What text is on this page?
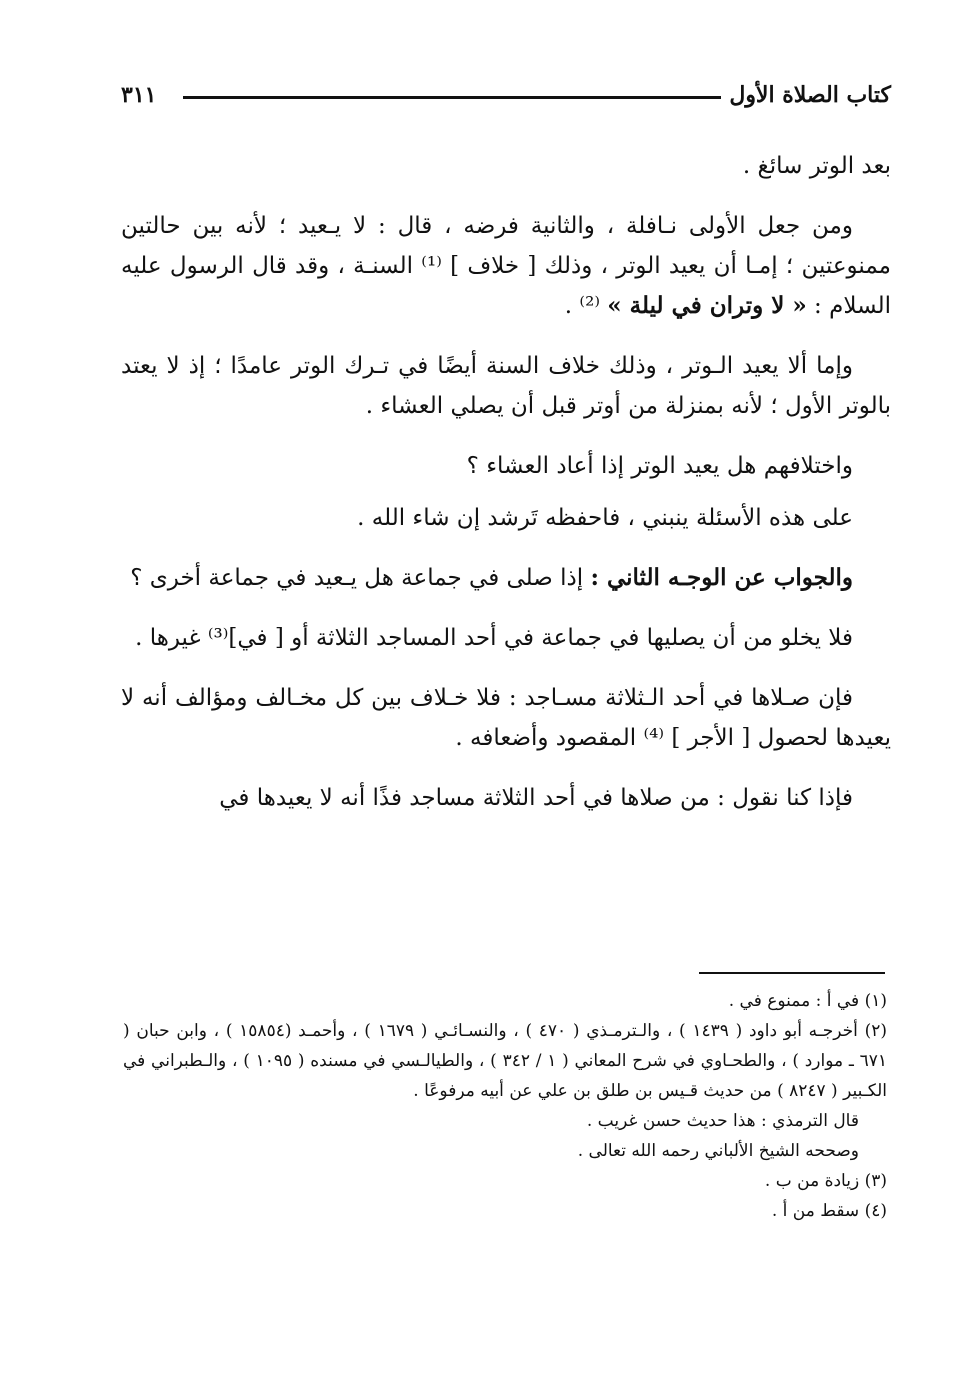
كتاب الصلاة الأول
٣١١

بعد الوتر سائغ .

ومن جعل الأولى نـافلة ، والثانية فرضه ، قال : لا يـعيد ؛ لأنه بين حالتين ممنوعتين ؛ إمـا أن يعيد الوتر ، وذلك [ خلاف ] ⁽¹⁾ السنـة ، وقد قال الرسول عليه السلام : « لا وتران في ليلة » ⁽²⁾ .

وإما ألا يعيد الـوتر ، وذلك خلاف السنة أيضًا في تـرك الوتر عامدًا ؛ إذ لا يعتد بالوتر الأول ؛ لأنه بمنزلة من أوتر قبل أن يصلي العشاء .

واختلافهم هل يعيد الوتر إذا أعاد العشاء ؟

على هذه الأسئلة ينبني ، فاحفظه تَرشد إن شاء الله .

والجواب عن الوجـه الثاني : إذا صلى في جماعة هل يـعيد في جماعة أخرى ؟

فلا يخلو من أن يصليها في جماعة في أحد المساجد الثلاثة أو [ في]⁽³⁾ غيرها .

فإن صـلاها في أحد الـثلاثة مسـاجد : فلا خـلاف بين كل مخـالف ومؤالف أنه لا يعيدها لحصول [ الأجر ] ⁽⁴⁾ المقصود وأضعافه .

فإذا كنا نقول : من صلاها في أحد الثلاثة مساجد فذًا أنه لا يعيدها في

(١) في أ : ممنوع في .

(٢) أخرجـه أبو داود ( ١٤٣٩ ) ، والـترمـذي ( ٤٧٠ ) ، والنسـائـي ( ١٦٧٩ ) ، وأحمـد (١٥٨٥٤ ) ، وابن حبان ( ٦٧١ ـ موارد ) ، والطحـاوي في شرح المعاني ( ١ / ٣٤٢ ) ، والطيالـسي في مسنده ( ١٠٩٥ ) ، والـطبراني في الكـبير ( ٨٢٤٧ ) من حديث قـيس بن طلق بن علي عن أبيه مرفوعًا .

قال الترمذي : هذا حديث حسن غريب .

وصححه الشيخ الألباني رحمه الله تعالى .

(٣) زيادة من ب .

(٤) سقط من أ .
